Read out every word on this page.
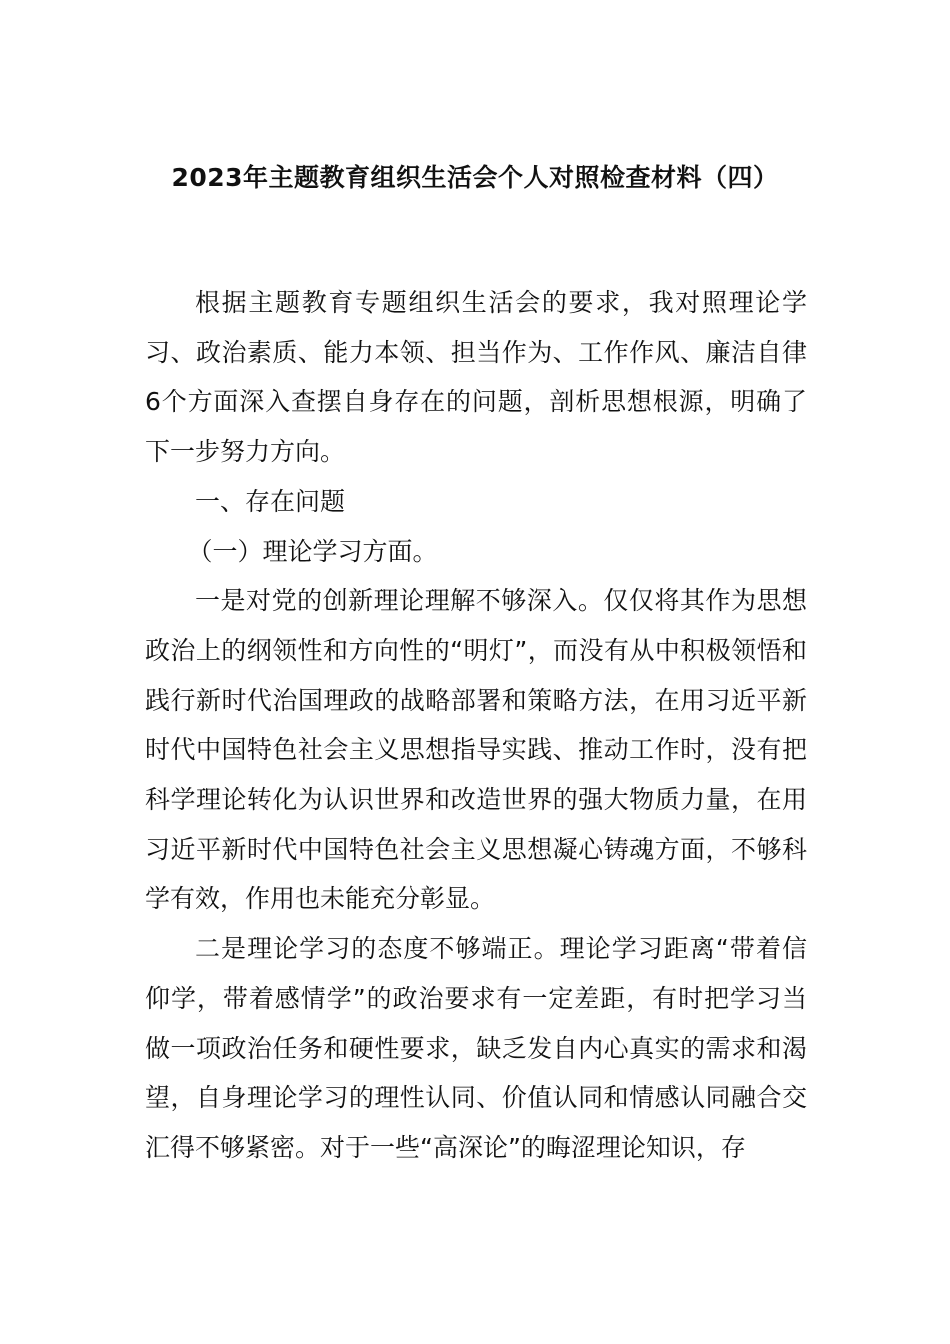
2023年主题教育组织生活会个人对照检查材料（四）

根据主题教育专题组织生活会的要求，我对照理论学习、政治素质、能力本领、担当作为、工作作风、廉洁自律6个方面深入查摆自身存在的问题，剖析思想根源，明确了下一步努力方向。

一、存在问题

（一）理论学习方面。

一是对党的创新理论理解不够深入。仅仅将其作为思想政治上的纲领性和方向性的“明灯”，而没有从中积极领悟和践行新时代治国理政的战略部署和策略方法，在用习近平新时代中国特色社会主义思想指导实践、推动工作时，没有把科学理论转化为认识世界和改造世界的强大物质力量，在用习近平新时代中国特色社会主义思想凝心铸魂方面，不够科学有效，作用也未能充分彰显。

二是理论学习的态度不够端正。理论学习距离“带着信仰学，带着感情学”的政治要求有一定差距，有时把学习当做一项政治任务和硬性要求，缺乏发自内心真实的需求和渴望，自身理论学习的理性认同、价值认同和情感认同融合交汇得不够紧密。对于一些“高深论”的晦涩理论知识，存
